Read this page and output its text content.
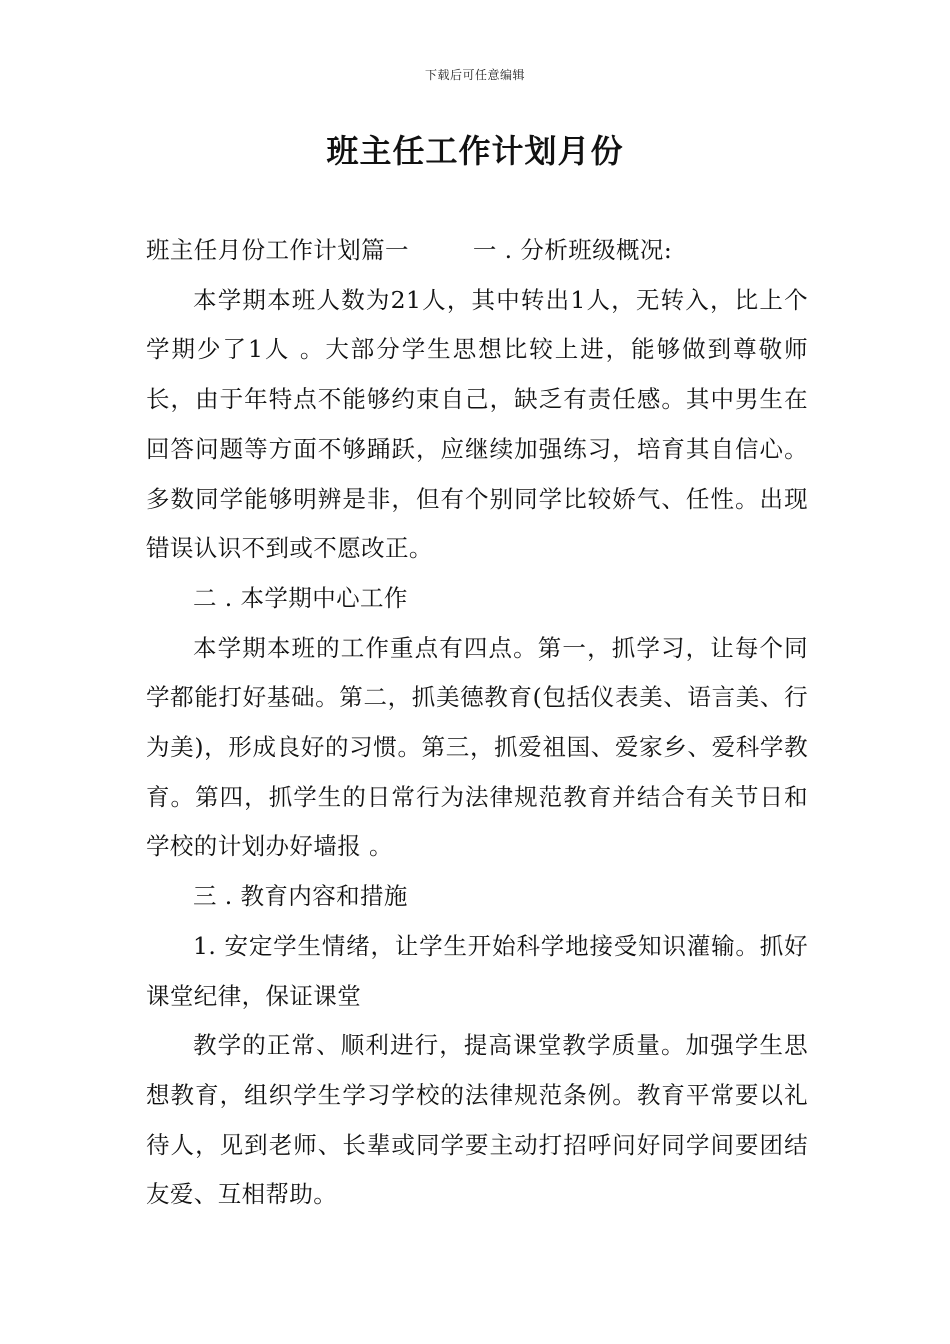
下载后可任意编辑
班主任工作计划月份

班主任月份工作计划篇一	一 . 分析班级概况:

本学期本班人数为21人，其中转出1人，无转入，比上个学期少了1人 。大部分学生思想比较上进，能够做到尊敬师长，由于年特点不能够约束自己，缺乏有责任感。其中男生在回答问题等方面不够踊跃，应继续加强练习，培育其自信心。多数同学能够明辨是非，但有个别同学比较娇气、任性。出现错误认识不到或不愿改正。

二 . 本学期中心工作

本学期本班的工作重点有四点。第一，抓学习，让每个同学都能打好基础。第二，抓美德教育(包括仪表美、语言美、行为美)，形成良好的习惯。第三，抓爱祖国、爱家乡、爱科学教育。第四，抓学生的日常行为法律规范教育并结合有关节日和学校的计划办好墙报 。

三 . 教育内容和措施

1. 安定学生情绪，让学生开始科学地接受知识灌输。抓好课堂纪律，保证课堂

教学的正常、顺利进行，提高课堂教学质量。加强学生思想教育，组织学生学习学校的法律规范条例。教育平常要以礼待人，见到老师、长辈或同学要主动打招呼问好同学间要团结友爱、互相帮助。
